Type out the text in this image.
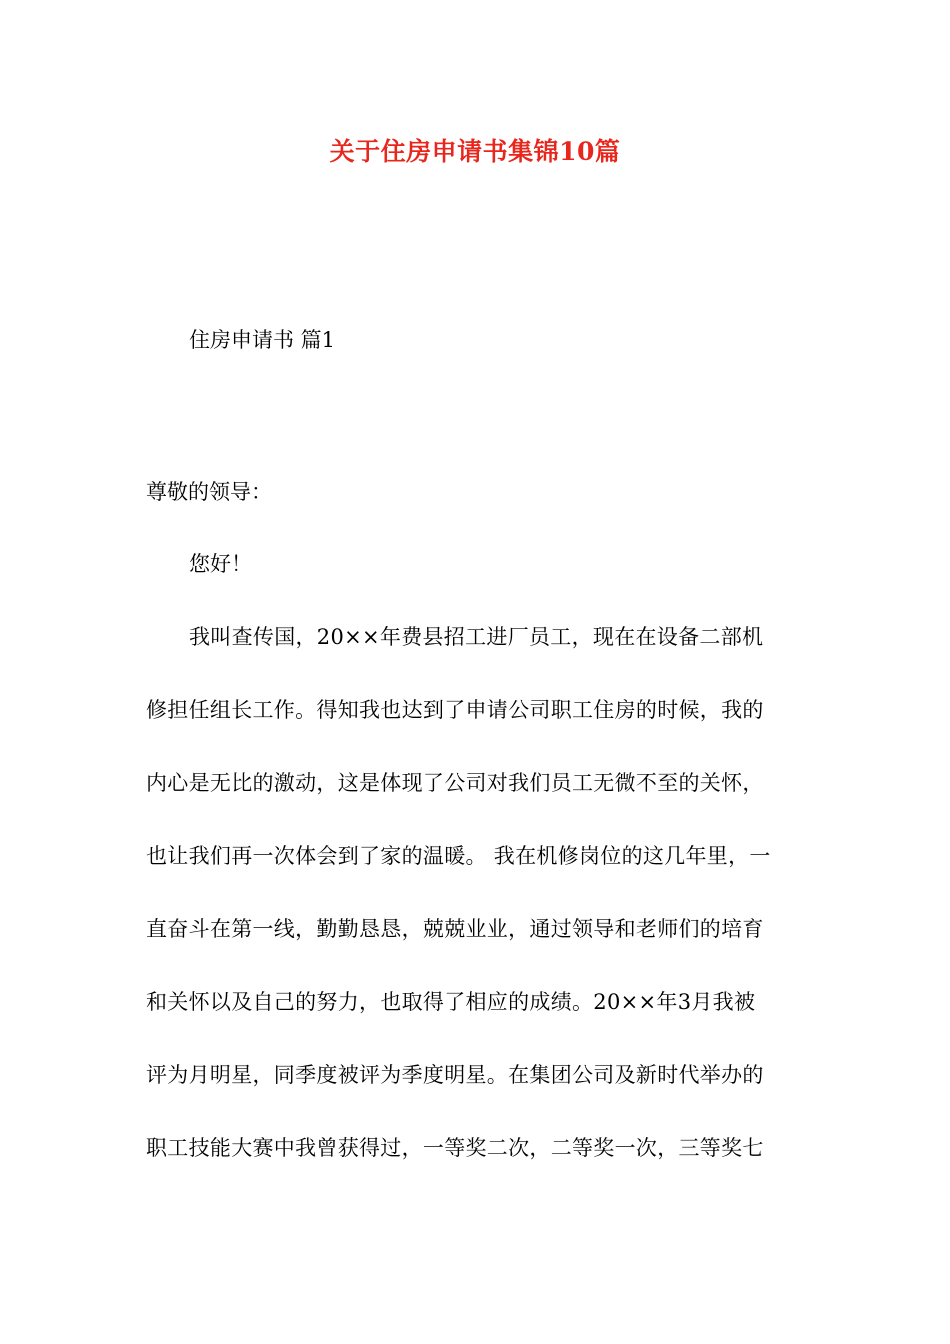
关于住房申请书集锦10篇
住房申请书 篇1
尊敬的领导：
您好！
我叫查传国，20××年费县招工进厂员工，现在在设备二部机
修担任组长工作。得知我也达到了申请公司职工住房的时候，我的
内心是无比的激动，这是体现了公司对我们员工无微不至的关怀，
也让我们再一次体会到了家的温暖。 我在机修岗位的这几年里，一
直奋斗在第一线，勤勤恳恳，兢兢业业，通过领导和老师们的培育
和关怀以及自己的努力，也取得了相应的成绩。20××年3月我被
评为月明星，同季度被评为季度明星。在集团公司及新时代举办的
职工技能大赛中我曾获得过，一等奖二次，二等奖一次，三等奖七
